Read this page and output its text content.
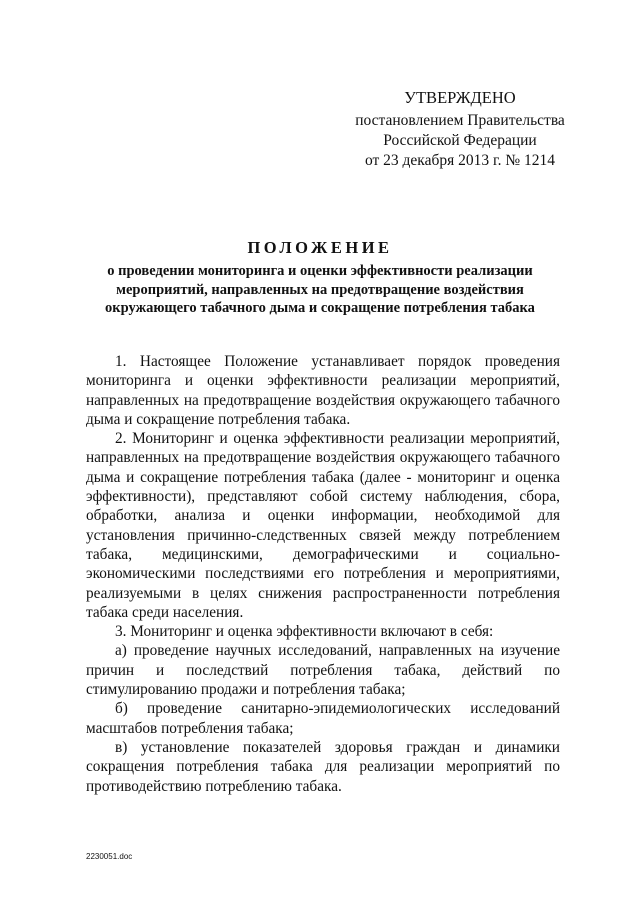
УТВЕРЖДЕНО
постановлением Правительства
Российской Федерации
от 23 декабря 2013 г. № 1214
ПОЛОЖЕНИЕ
о проведении мониторинга и оценки эффективности реализации
мероприятий, направленных на предотвращение воздействия
окружающего табачного дыма и сокращение потребления табака

1. Настоящее Положение устанавливает порядок проведения мониторинга и оценки эффективности реализации мероприятий, направленных на предотвращение воздействия окружающего табачного дыма и сокращение потребления табака.

2. Мониторинг и оценка эффективности реализации мероприятий, направленных на предотвращение воздействия окружающего табачного дыма и сокращение потребления табака (далее - мониторинг и оценка эффективности), представляют собой систему наблюдения, сбора, обработки, анализа и оценки информации, необходимой для установления причинно-следственных связей между потреблением табака, медицинскими, демографическими и социально-экономическими последствиями его потребления и мероприятиями, реализуемыми в целях снижения распространенности потребления табака среди населения.

3. Мониторинг и оценка эффективности включают в себя:

а) проведение научных исследований, направленных на изучение причин и последствий потребления табака, действий по стимулированию продажи и потребления табака;

б) проведение санитарно-эпидемиологических исследований масштабов потребления табака;

в) установление показателей здоровья граждан и динамики сокращения потребления табака для реализации мероприятий по противодействию потреблению табака.

2230051.doc
